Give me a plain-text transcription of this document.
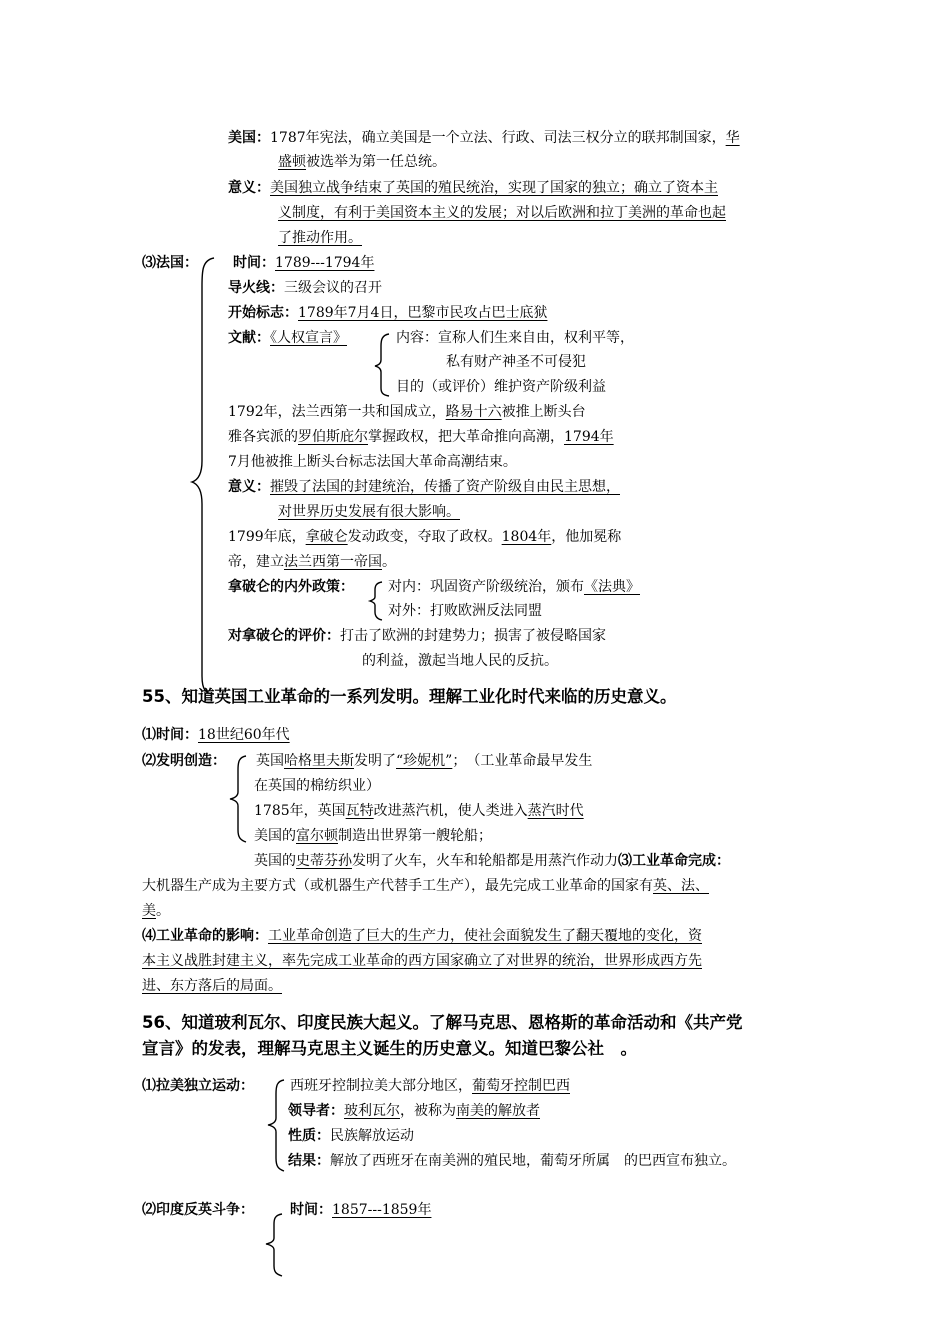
美国：1787年宪法，确立美国是一个立法、行政、司法三权分立的联邦制国家，华
盛顿被选举为第一任总统。
意义：美国独立战争结束了英国的殖民统治，实现了国家的独立；确立了资本主
义制度，有利于美国资本主义的发展；对以后欧洲和拉丁美洲的革命也起
了推动作用。
⑶法国：	时间：1789---1794年
导火线：三级会议的召开
开始标志：1789年7月4日，巴黎市民攻占巴士底狱
文献：《人权宣言》	内容：宣称人们生来自由，权利平等，
私有财产神圣不可侵犯
目的（或评价）维护资产阶级利益
1792年，法兰西第一共和国成立，路易十六被推上断头台
雅各宾派的罗伯斯庇尔掌握政权，把大革命推向高潮，1794年
7月他被推上断头台标志法国大革命高潮结束。
意义：摧毁了法国的封建统治，传播了资产阶级自由民主思想，
对世界历史发展有很大影响。
1799年底，拿破仑发动政变，夺取了政权。1804年，他加冕称
帝，建立法兰西第一帝国。
拿破仑的内外政策： 对内：巩固资产阶级统治，颁布《法典》
对外：打败欧洲反法同盟
对拿破仑的评价：打击了欧洲的封建势力；损害了被侵略国家
的利益，激起当地人民的反抗。
55、知道英国工业革命的一系列发明。理解工业化时代来临的历史意义。
⑴时间：18世纪60年代
⑵发明创造： 英国哈格里夫斯发明了“珍妮机”；　（工业革命最早发生
在英国的棉纺织业）
1785年，英国瓦特改进蒸汽机，使人类进入蒸汽时代
美国的富尔顿制造出世界第一艘轮船；
英国的史蒂芬孙发明了火车，火车和轮船都是用蒸汽作动力⑶工业革命完成：
大机器生产成为主要方式（或机器生产代替手工生产），最先完成工业革命的国家有英、法、
美。
⑷工业革命的影响：工业革命创造了巨大的生产力，使社会面貌发生了翻天覆地的变化，资
本主义战胜封建主义，率先完成工业革命的西方国家确立了对世界的统治，世界形成西方先
进、东方落后的局面。
56、知道玻利瓦尔、印度民族大起义。了解马克思、恩格斯的革命活动和《共产党
宣言》的发表，理解马克思主义诞生的历史意义。知道巴黎公社　。
⑴拉美独立运动：	西班牙控制拉美大部分地区，葡萄牙控制巴西
领导者：玻利瓦尔，被称为南美的解放者
性质：民族解放运动
结果：解放了西班牙在南美洲的殖民地，葡萄牙所属　的巴西宣布独立。
⑵印度反英斗争：	时间：1857---1859年
